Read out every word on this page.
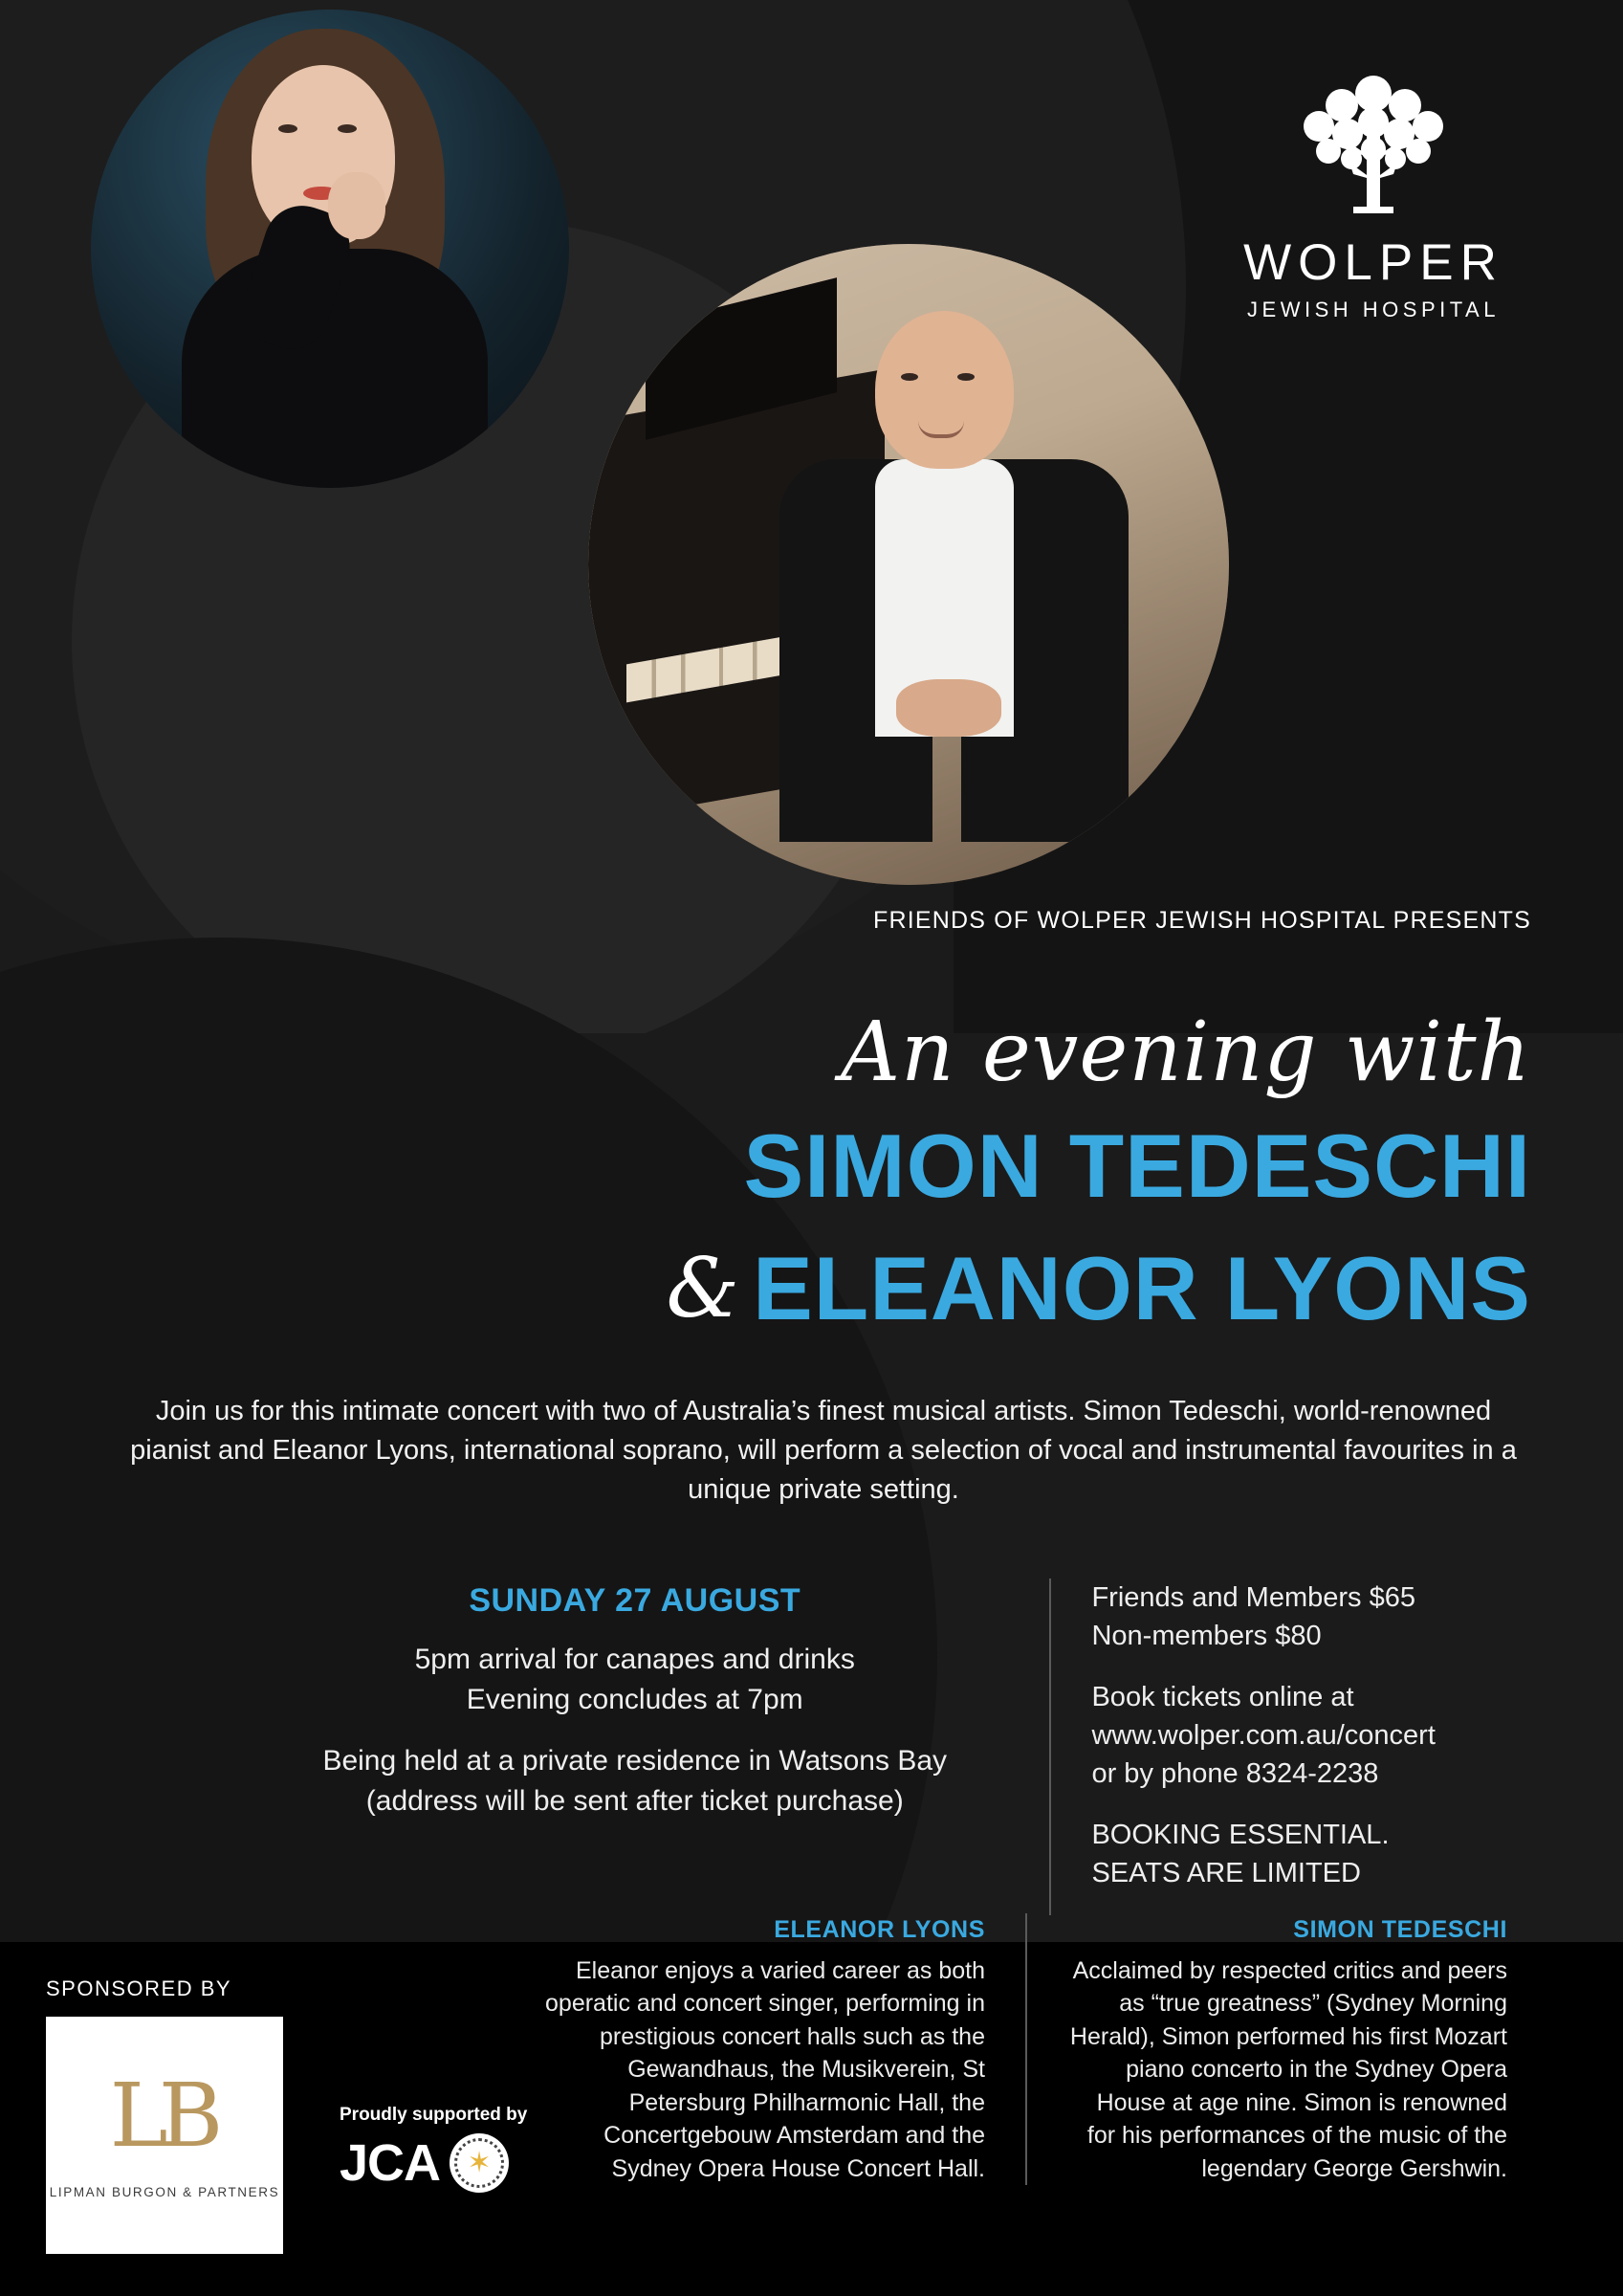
WOLPER
JEWISH HOSPITAL
FRIENDS OF WOLPER JEWISH HOSPITAL PRESENTS
An evening with
SIMON TEDESCHI
& ELEANOR LYONS
Join us for this intimate concert with two of Australia’s finest musical artists. Simon Tedeschi, world-renowned pianist and Eleanor Lyons, international soprano, will perform a selection of vocal and instrumental favourites in a unique private setting.
SUNDAY 27 AUGUST

5pm arrival for canapes and drinks
Evening concludes at 7pm

Being held at a private residence in Watsons Bay
(address will be sent after ticket purchase)

Friends and Members $65
Non-members $80

Book tickets online at
www.wolper.com.au/concert
or by phone 8324-2238

BOOKING ESSENTIAL.
SEATS ARE LIMITED

ELEANOR LYONS

Eleanor enjoys a varied career as both operatic and concert singer, performing in prestigious concert halls such as the Gewandhaus, the Musikverein, St Petersburg Philharmonic Hall, the Concertgebouw Amsterdam and the Sydney Opera House Concert Hall.

SIMON TEDESCHI

Acclaimed by respected critics and peers as “true greatness” (Sydney Morning Herald), Simon performed his first Mozart piano concerto in the Sydney Opera House at age nine. Simon is renowned for his performances of the music of the legendary George Gershwin.

SPONSORED BY
LB
LIPMAN BURGON & PARTNERS
Proudly supported by
JCA ✶
